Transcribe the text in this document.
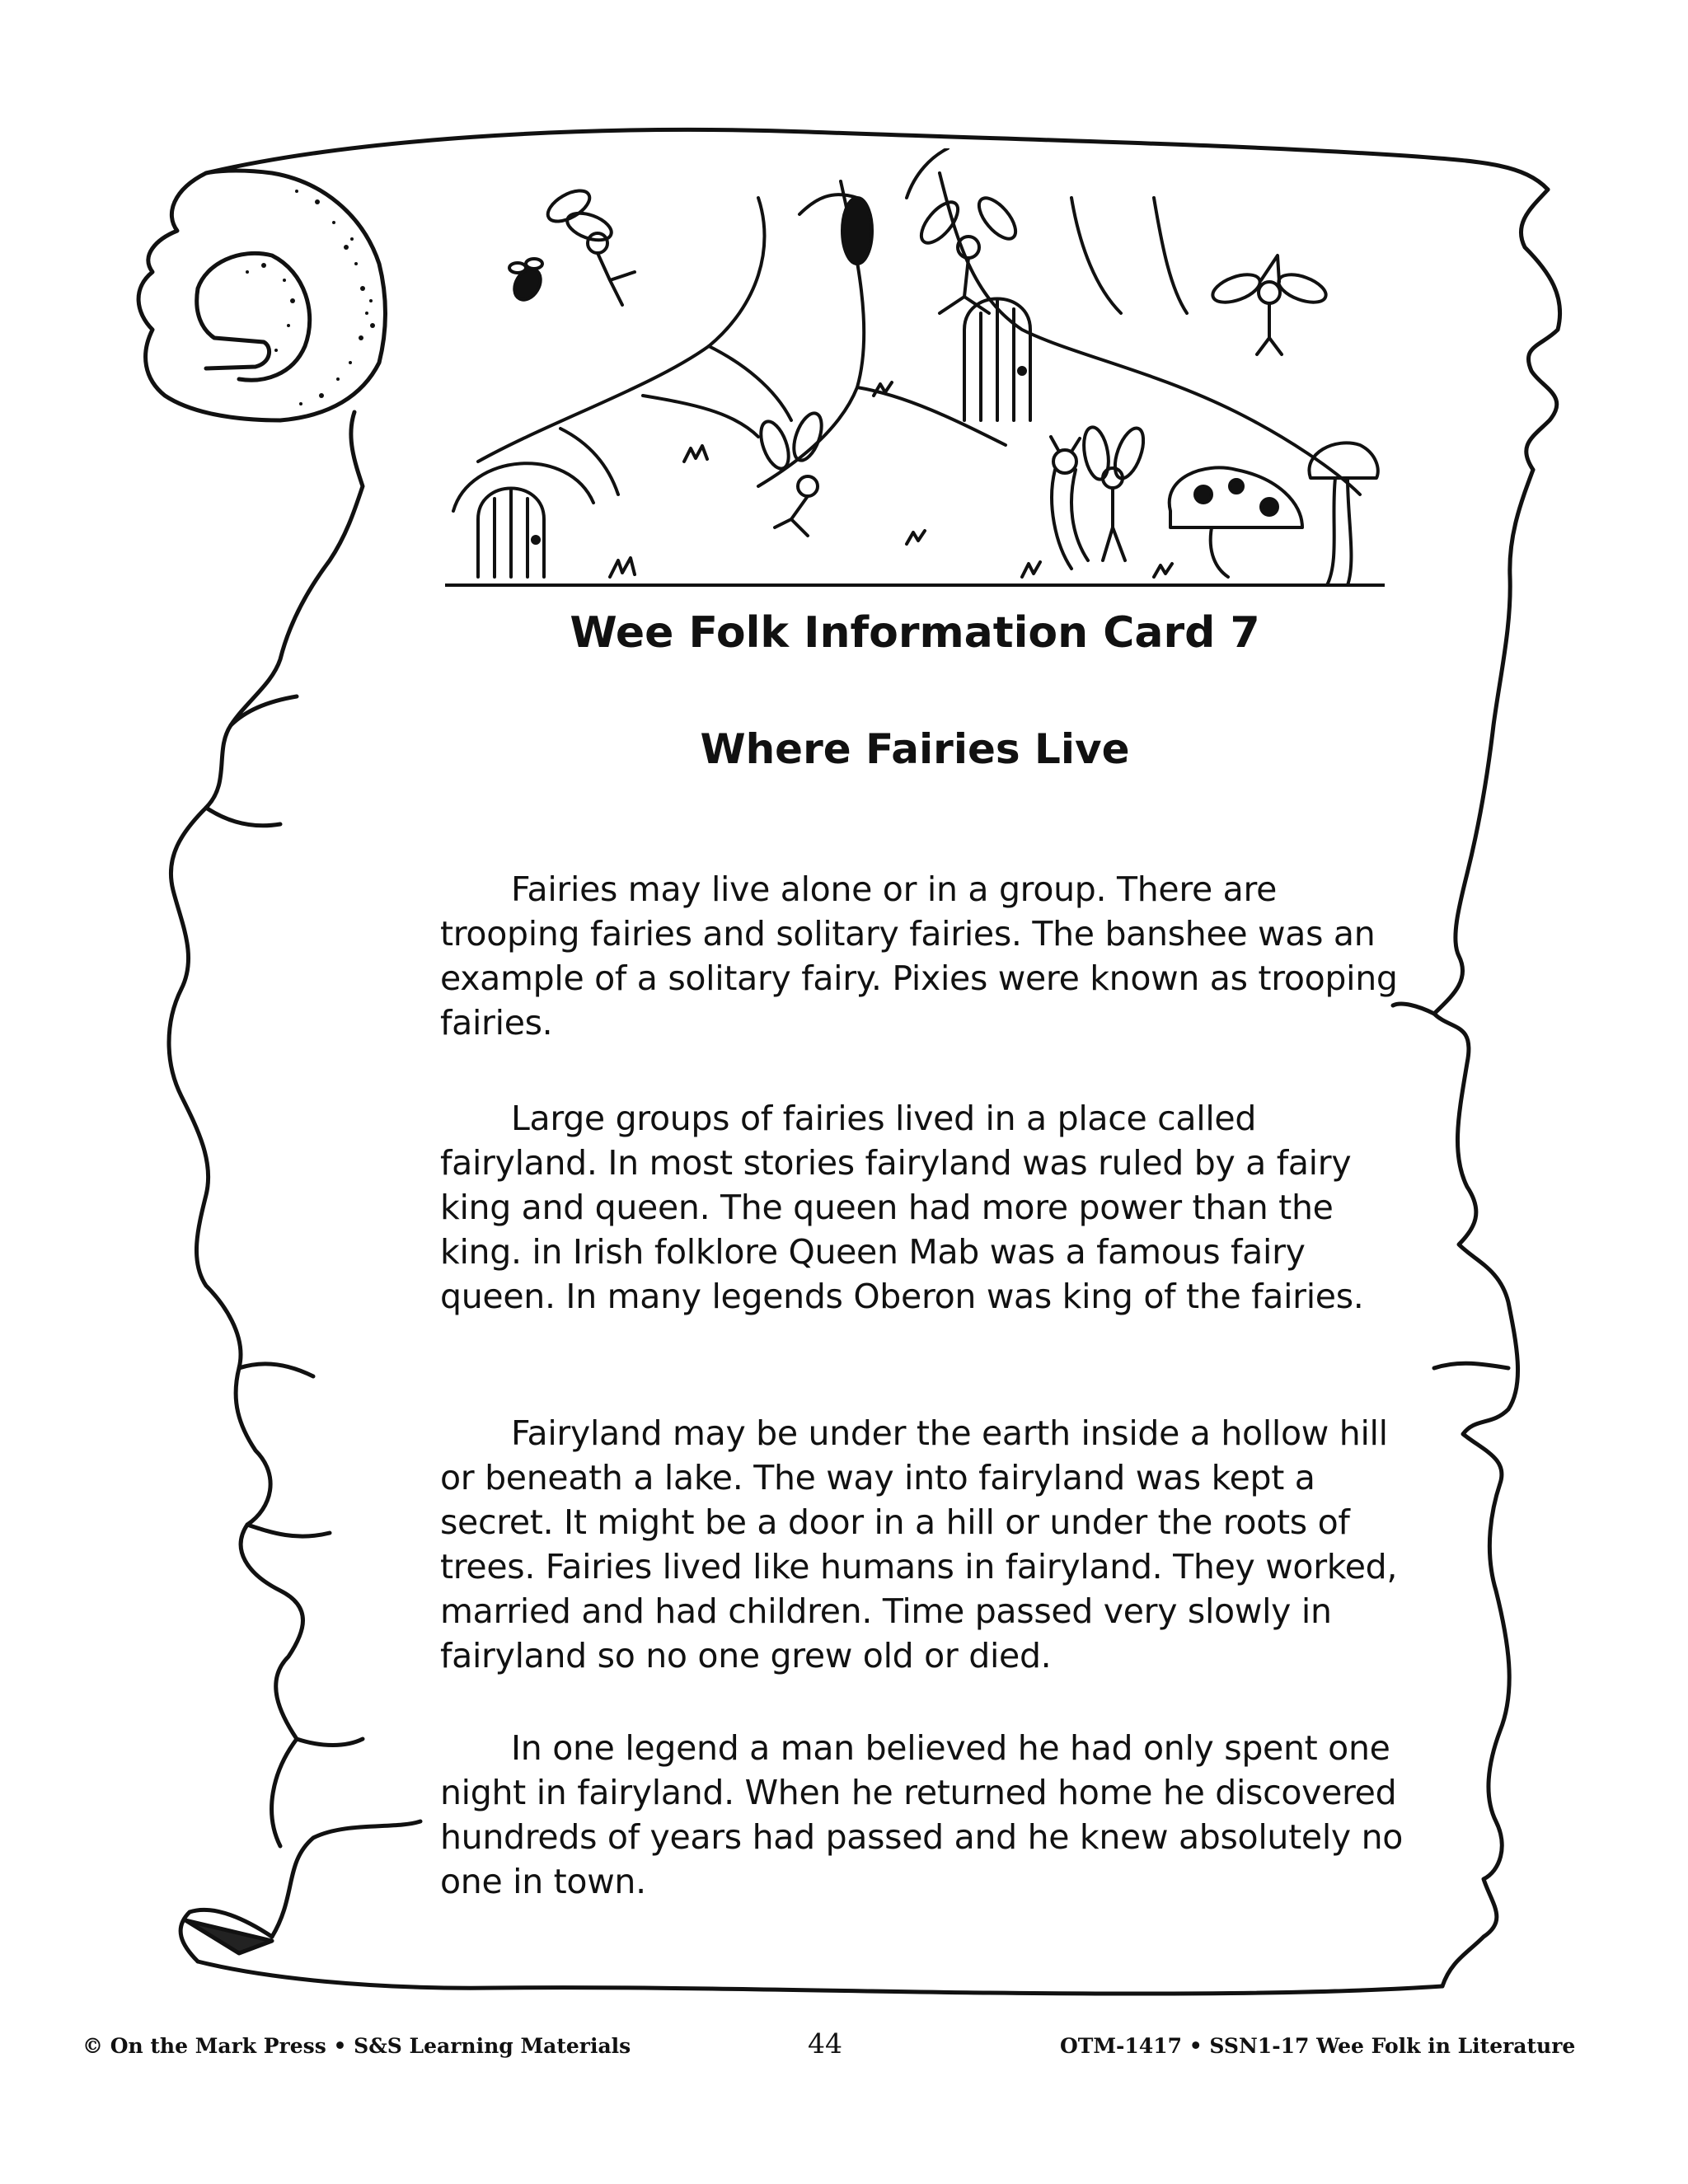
Wee Folk Information Card 7
Where Fairies Live

Fairies may live alone or in a group. There are trooping fairies and solitary fairies. The banshee was an example of a solitary fairy. Pixies were known as trooping fairies.

Large groups of fairies lived in a place called fairyland. In most stories fairyland was ruled by a fairy king and queen. The queen had more power than the king. in Irish folklore Queen Mab was a famous fairy queen. In many legends Oberon was king of the fairies.

Fairyland may be under the earth inside a hollow hill or beneath a lake. The way into fairyland was kept a secret. It might be a door in a hill or under the roots of trees. Fairies lived like humans in fairyland. They worked, married and had children. Time passed very slowly in fairyland so no one grew old or died.

In one legend a man believed he had only spent one night in fairyland. When he returned home he discovered hundreds of years had passed and he knew absolutely no one in town.

© On the Mark Press • S&S Learning Materials	44	OTM-1417 • SSN1-17 Wee Folk in Literature
